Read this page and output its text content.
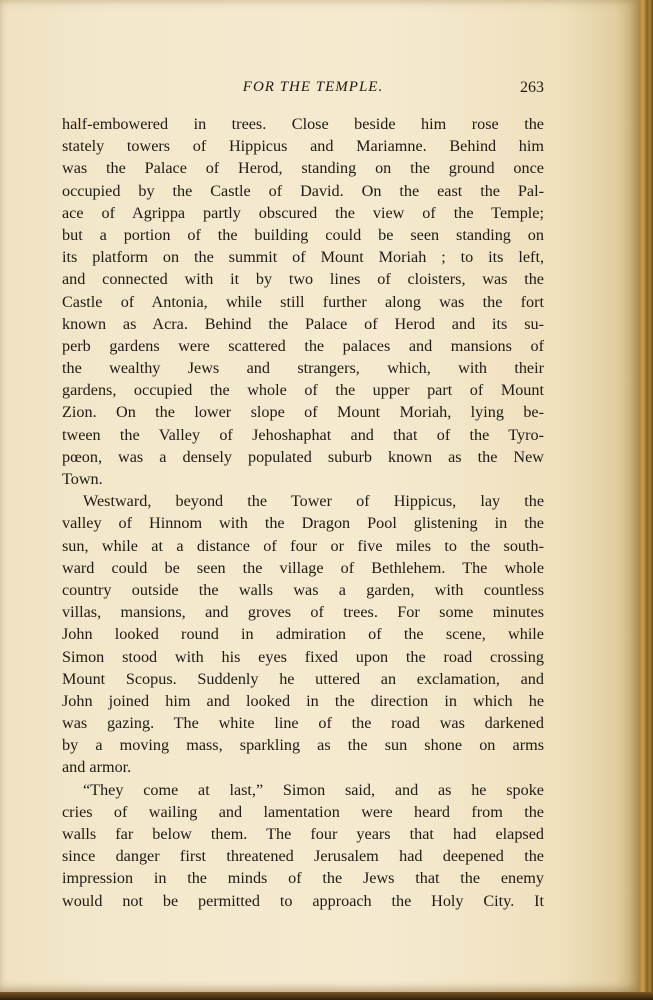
FOR THE TEMPLE.	263
half-embowered in trees. Close beside him rose the
stately towers of Hippicus and Mariamne. Behind him
was the Palace of Herod, standing on the ground once
occupied by the Castle of David. On the east the Pal-
ace of Agrippa partly obscured the view of the Temple;
but a portion of the building could be seen standing on
its platform on the summit of Mount Moriah ; to its left,
and connected with it by two lines of cloisters, was the
Castle of Antonia, while still further along was the fort
known as Acra. Behind the Palace of Herod and its su-
perb gardens were scattered the palaces and mansions of
the wealthy Jews and strangers, which, with their
gardens, occupied the whole of the upper part of Mount
Zion. On the lower slope of Mount Moriah, lying be-
tween the Valley of Jehoshaphat and that of the Tyro-
pœon, was a densely populated suburb known as the New
Town.
Westward, beyond the Tower of Hippicus, lay the
valley of Hinnom with the Dragon Pool glistening in the
sun, while at a distance of four or five miles to the south-
ward could be seen the village of Bethlehem. The whole
country outside the walls was a garden, with countless
villas, mansions, and groves of trees. For some minutes
John looked round in admiration of the scene, while
Simon stood with his eyes fixed upon the road crossing
Mount Scopus. Suddenly he uttered an exclamation, and
John joined him and looked in the direction in which he
was gazing. The white line of the road was darkened
by a moving mass, sparkling as the sun shone on arms
and armor.
“They come at last,” Simon said, and as he spoke
cries of wailing and lamentation were heard from the
walls far below them. The four years that had elapsed
since danger first threatened Jerusalem had deepened the
impression in the minds of the Jews that the enemy
would not be permitted to approach the Holy City. It
